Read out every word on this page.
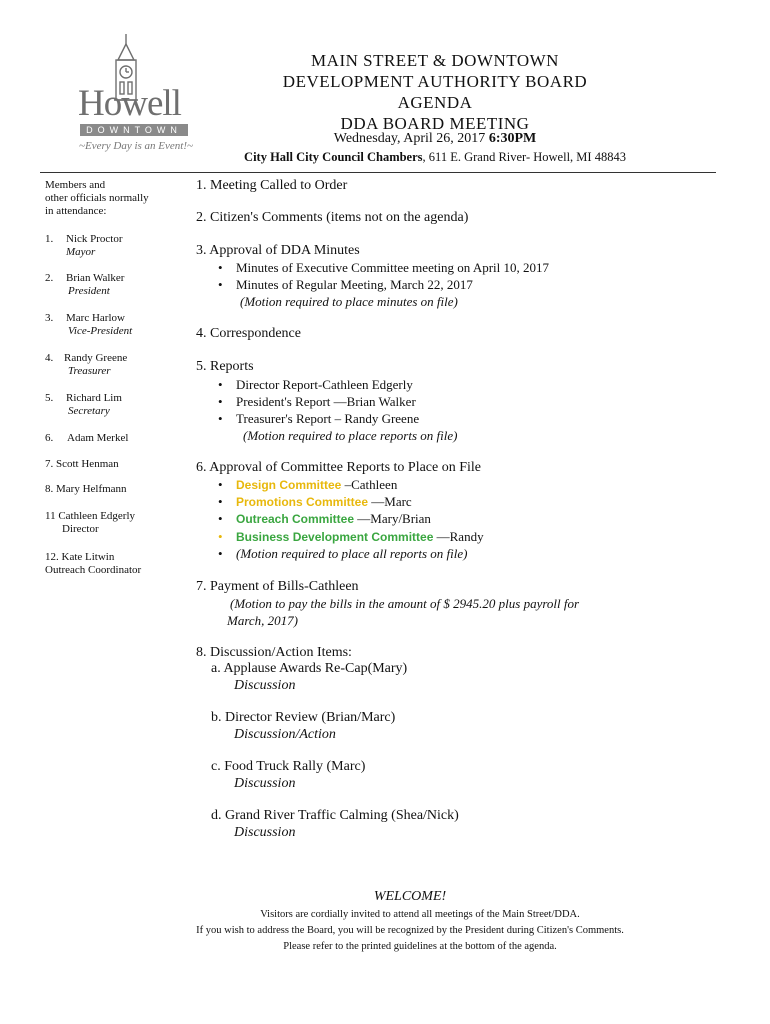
Howell
DOWNTOWN
~Every Day is an Event!~
MAIN STREET & DOWNTOWN
DEVELOPMENT AUTHORITY BOARD
AGENDA
DDA BOARD MEETING
Wednesday, April 26, 2017 6:30PM
City Hall City Council Chambers, 611 E. Grand River- Howell, MI 48843
Members and
other officials normally
in attendance:
1. Nick Proctor
Mayor
2. Brian Walker
President
3. Marc Harlow
Vice-President
4. Randy Greene
Treasurer
5. Richard Lim
Secretary
6. Adam Merkel
7. Scott Henman
8. Mary Helfmann
11 Cathleen Edgerly
Director
12. Kate Litwin
Outreach Coordinator
1. Meeting Called to Order
2. Citizen's Comments (items not on the agenda)
3. Approval of DDA Minutes
• Minutes of Executive Committee meeting on April 10, 2017
• Minutes of Regular Meeting, March 22, 2017
(Motion required to place minutes on file)
4. Correspondence
5. Reports
• Director Report-Cathleen Edgerly
• President's Report —Brian Walker
• Treasurer's Report – Randy Greene
(Motion required to place reports on file)
6. Approval of Committee Reports to Place on File
• Design Committee –Cathleen
• Promotions Committee —Marc
• Outreach Committee —Mary/Brian
• Business Development Committee —Randy
• (Motion required to place all reports on file)
7. Payment of Bills-Cathleen
(Motion to pay the bills in the amount of $ 2945.20 plus payroll for
March, 2017)
8. Discussion/Action Items:
a. Applause Awards Re-Cap(Mary)
Discussion
b. Director Review (Brian/Marc)
Discussion/Action
c. Food Truck Rally (Marc)
Discussion
d. Grand River Traffic Calming (Shea/Nick)
Discussion
WELCOME!
Visitors are cordially invited to attend all meetings of the Main Street/DDA.
If you wish to address the Board, you will be recognized by the President during Citizen's Comments.
Please refer to the printed guidelines at the bottom of the agenda.
